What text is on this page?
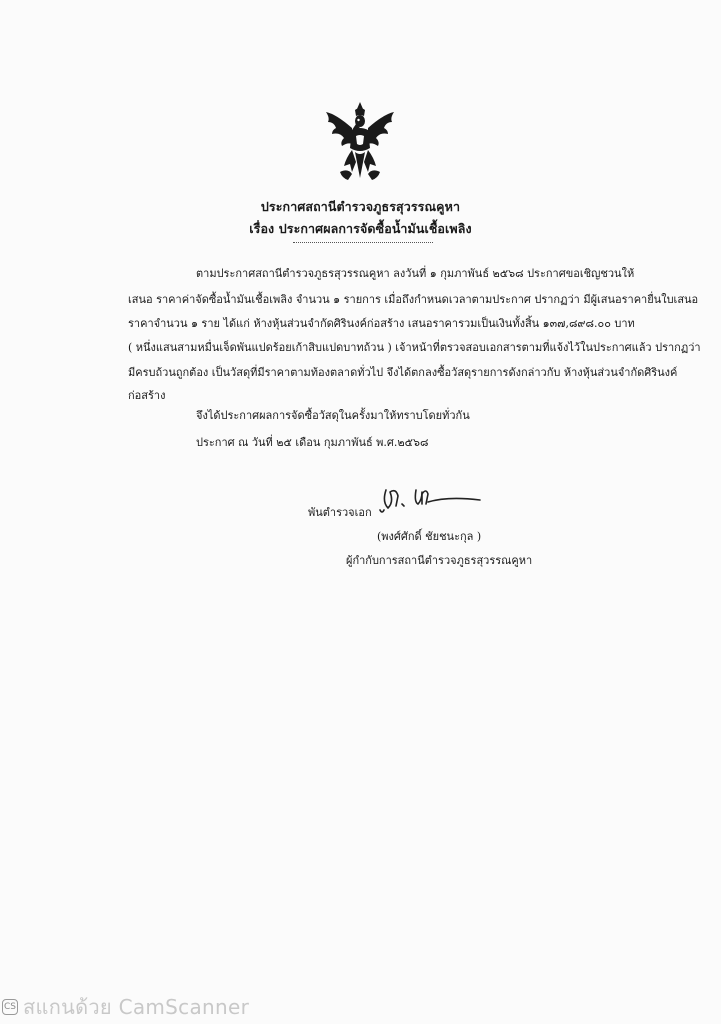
ประกาศสถานีตำรวจภูธรสุวรรณคูหา
เรื่อง ประกาศผลการจัดซื้อน้ำมันเชื้อเพลิง
ตามประกาศสถานีตำรวจภูธรสุวรรณคูหา ลงวันที่ ๑ กุมภาพันธ์ ๒๕๖๘ ประกาศขอเชิญชวนให้
เสนอ ราคาค่าจัดซื้อน้ำมันเชื้อเพลิง จำนวน ๑ รายการ เมื่อถึงกำหนดเวลาตามประกาศ ปรากฏว่า มีผู้เสนอราคายื่นใบเสนอ
ราคาจำนวน ๑ ราย ได้แก่ ห้างหุ้นส่วนจำกัดศิรินงค์ก่อสร้าง เสนอราคารวมเป็นเงินทั้งสิ้น ๑๓๗,๘๙๘.๐๐ บาท
( หนึ่งแสนสามหมื่นเจ็ดพันแปดร้อยเก้าสิบแปดบาทถ้วน ) เจ้าหน้าที่ตรวจสอบเอกสารตามที่แจ้งไว้ในประกาศแล้ว ปรากฏว่า
มีครบถ้วนถูกต้อง เป็นวัสดุที่มีราคาตามท้องตลาดทั่วไป จึงได้ตกลงซื้อวัสดุรายการดังกล่าวกับ ห้างหุ้นส่วนจำกัดศิรินงค์
ก่อสร้าง
จึงได้ประกาศผลการจัดซื้อวัสดุในครั้งมาให้ทราบโดยทั่วกัน
ประกาศ ณ วันที่ ๒๕ เดือน กุมภาพันธ์ พ.ศ.๒๕๖๘
พันตำรวจเอก
(พงศ์ศักดิ์ ชัยชนะกุล )
ผู้กำกับการสถานีตำรวจภูธรสุวรรณคูหา
CS สแกนด้วย CamScanner
